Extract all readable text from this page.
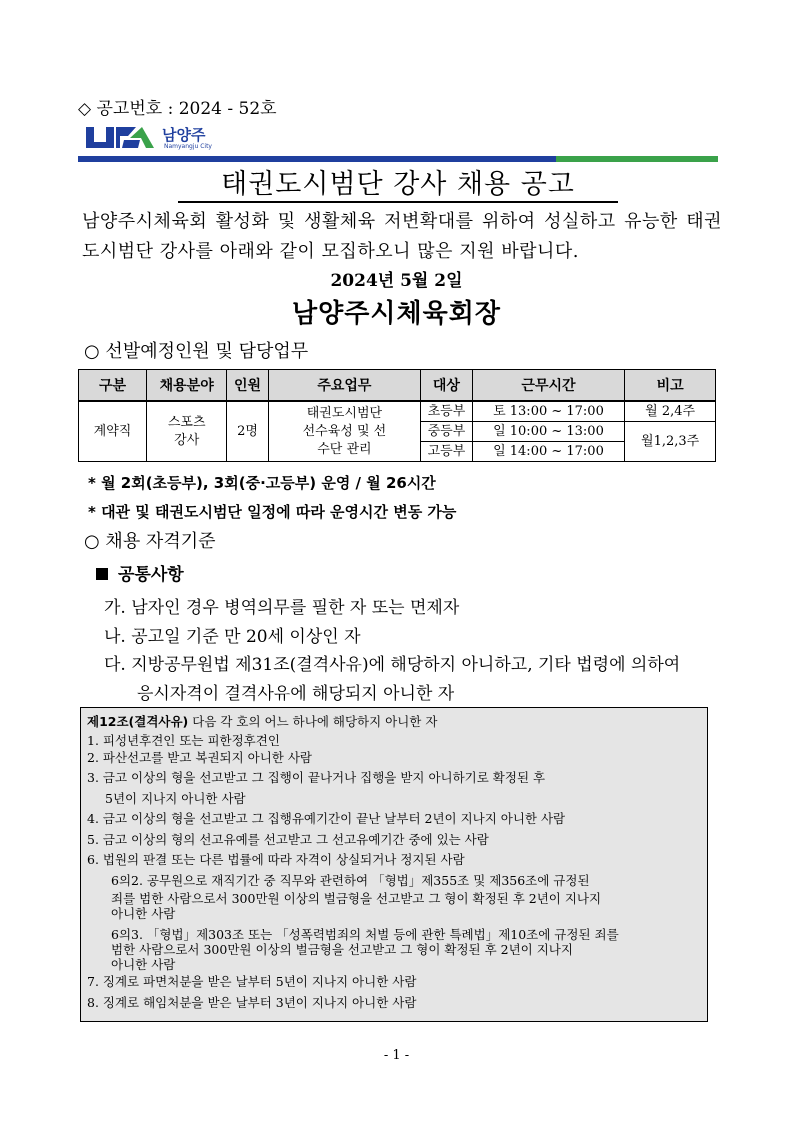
◇ 공고번호 : 2024 - 52호
남양주
Namyangju City
태권도시범단 강사 채용 공고
남양주시체육회 활성화 및 생활체육 저변확대를 위하여 성실하고 유능한 태권도시범단 강사를 아래와 같이 모집하오니 많은 지원 바랍니다.
2024년 5월 2일
남양주시체육회장
○ 선발예정인원 및 담당업무
구분	채용분야	인원	주요업무	대상	근무시간	비고
계약직	스포츠 강사	2명	태권도시범단 선수육성 및 선수단 관리	초등부	토 13:00 ~ 17:00	월 2,4주
				중등부	일 10:00 ~ 13:00	월1,2,3주
				고등부	일 14:00 ~ 17:00	
* 월 2회(초등부), 3회(중·고등부) 운영 / 월 26시간
* 대관 및 태권도시범단 일정에 따라 운영시간 변동 가능
○ 채용 자격기준
공통사항
가. 남자인 경우 병역의무를 필한 자 또는 면제자
나. 공고일 기준 만 20세 이상인 자
다. 지방공무원법 제31조(결격사유)에 해당하지 아니하고, 기타 법령에 의하여
응시자격이 결격사유에 해당되지 아니한 자
제12조(결격사유) 다음 각 호의 어느 하나에 해당하지 아니한 자
1. 피성년후견인 또는 피한정후견인
2. 파산선고를 받고 복권되지 아니한 사람
3. 금고 이상의 형을 선고받고 그 집행이 끝나거나 집행을 받지 아니하기로 확정된 후
5년이 지나지 아니한 사람
4. 금고 이상의 형을 선고받고 그 집행유예기간이 끝난 날부터 2년이 지나지 아니한 사람
5. 금고 이상의 형의 선고유예를 선고받고 그 선고유예기간 중에 있는 사람
6. 법원의 판결 또는 다른 법률에 따라 자격이 상실되거나 정지된 사람
6의2. 공무원으로 재직기간 중 직무와 관련하여 「형법」제355조 및 제356조에 규정된
죄를 범한 사람으로서 300만원 이상의 벌금형을 선고받고 그 형이 확정된 후 2년이 지나지
아니한 사람
6의3. 「형법」제303조 또는 「성폭력범죄의 처벌 등에 관한 특례법」제10조에 규정된 죄를
범한 사람으로서 300만원 이상의 벌금형을 선고받고 그 형이 확정된 후 2년이 지나지
아니한 사람
7. 징계로 파면처분을 받은 날부터 5년이 지나지 아니한 사람
8. 징계로 해임처분을 받은 날부터 3년이 지나지 아니한 사람
- 1 -
